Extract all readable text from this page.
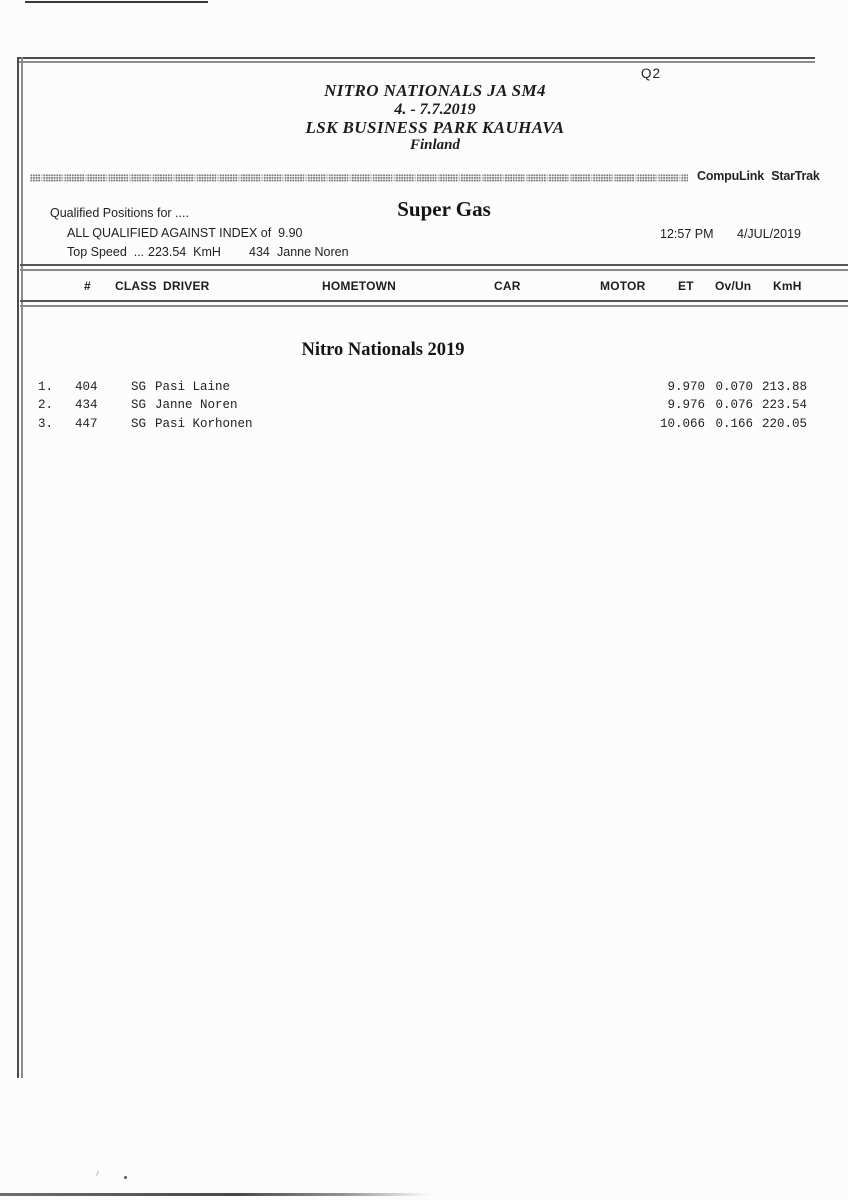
Q2
NITRO NATIONALS JA SM4
4. - 7.7.2019
LSK BUSINESS PARK KAUHAVA
Finland
CompuLink StarTrak
Qualified Positions for ....	Super Gas
ALL QUALIFIED AGAINST INDEX of  9.90	12:57 PM 4/JUL/2019
Top Speed  ... 223.54  KmH 434 Janne Noren
# CLASS DRIVER	HOMETOWN	CAR	MOTOR	ET Ov/Un KmH
Nitro Nationals 2019
1. 404	SG Pasi Laine	9.970 0.070 213.88
2. 434	SG Janne Noren	9.976 0.076 223.54
3. 447	SG Pasi Korhonen	10.066 0.166 220.05
